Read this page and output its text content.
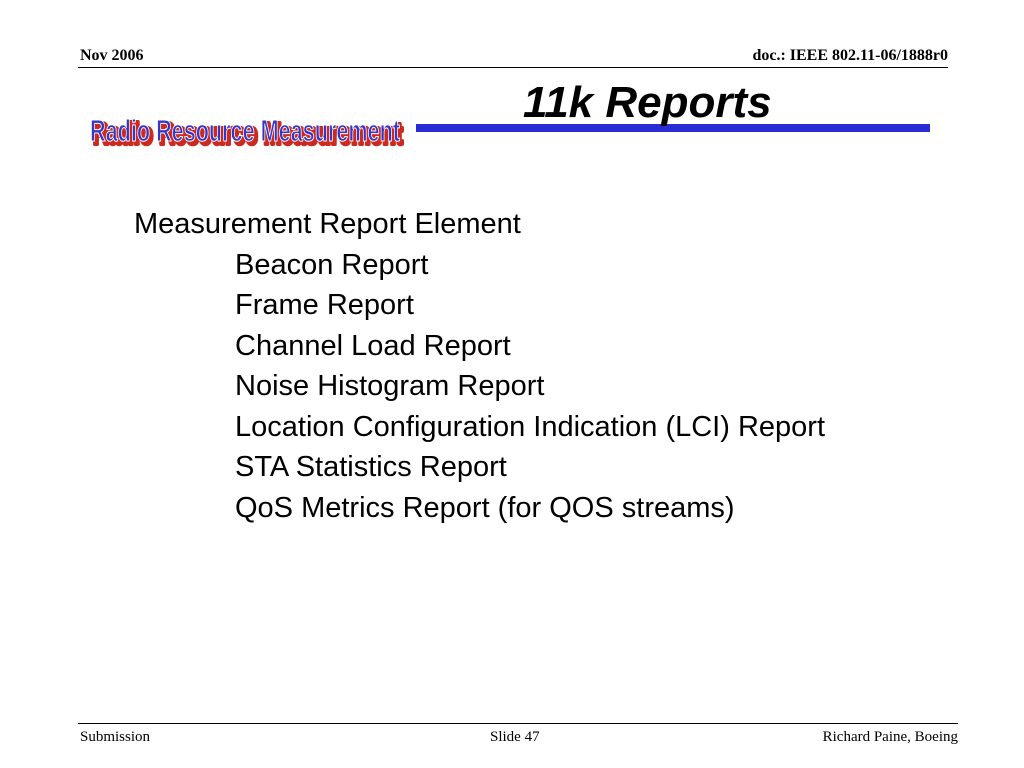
Nov 2006	doc.: IEEE 802.11-06/1888r0
Radio Resource Measurement
Radio Resource Measurement
11k Reports
Measurement Report Element
Beacon Report
Frame Report
Channel Load Report
Noise Histogram Report
Location Configuration Indication (LCI) Report
STA Statistics Report
QoS Metrics Report (for QOS streams)
Submission	Slide 47	Richard Paine, Boeing
